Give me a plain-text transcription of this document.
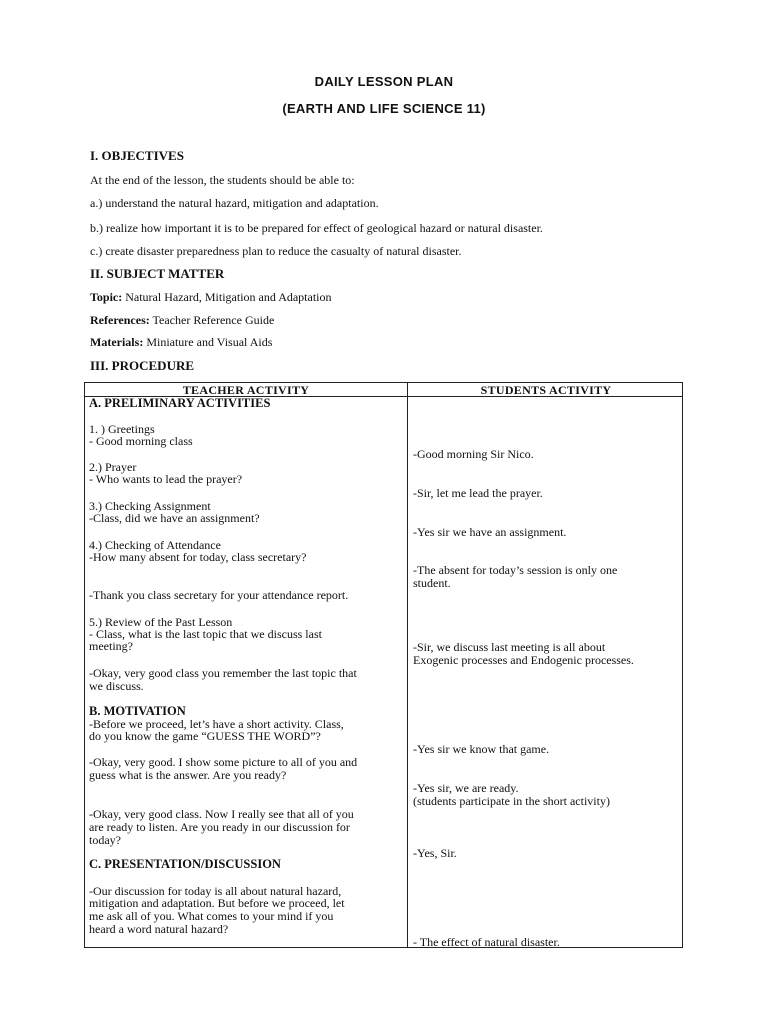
DAILY LESSON PLAN
(EARTH AND LIFE SCIENCE 11)
I. OBJECTIVES
At the end of the lesson, the students should be able to:
a.) understand the natural hazard, mitigation and adaptation.
b.) realize how important it is to be prepared for effect of geological hazard or natural disaster.
c.) create disaster preparedness plan to reduce the casualty of natural disaster.
II. SUBJECT MATTER
Topic: Natural Hazard, Mitigation and Adaptation
References: Teacher Reference Guide
Materials: Miniature and Visual Aids
III. PROCEDURE
TEACHER ACTIVITY	STUDENTS ACTIVITY
A. PRELIMINARY ACTIVITIES
1. ) Greetings
- Good morning class
2.) Prayer
- Who wants to lead the prayer?
3.) Checking Assignment
-Class, did we have an assignment?
4.) Checking of Attendance
-How many absent for today, class secretary?
-Thank you class secretary for your attendance report.
5.) Review of the Past Lesson
- Class, what is the last topic that we discuss last
meeting?
-Okay, very good class you remember the last topic that
we discuss.
B. MOTIVATION
-Before we proceed, let’s have a short activity. Class,
do you know the game “GUESS THE WORD”?
-Okay, very good. I show some picture to all of you and
guess what is the answer. Are you ready?
-Okay, very good class. Now I really see that all of you
are ready to listen. Are you ready in our discussion for
today?
C. PRESENTATION/DISCUSSION
-Our discussion for today is all about natural hazard,
mitigation and adaptation. But before we proceed, let
me ask all of you. What comes to your mind if you
heard a word natural hazard?
-Good morning Sir Nico.
-Sir, let me lead the prayer.
-Yes sir we have an assignment.
-The absent for today’s session is only one
student.
-Sir, we discuss last meeting is all about
Exogenic processes and Endogenic processes.
-Yes sir we know that game.
-Yes sir, we are ready.
(students participate in the short activity)
-Yes, Sir.
- The effect of natural disaster.
